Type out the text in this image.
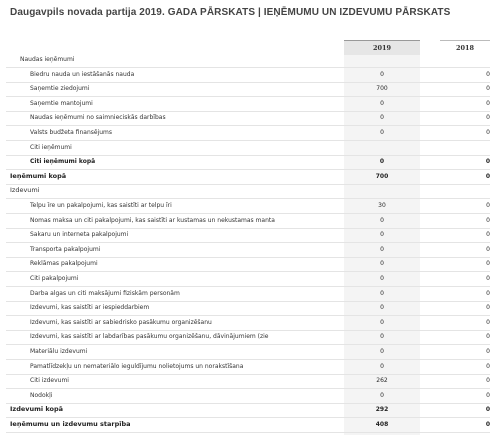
Daugavpils novada partija 2019. GADA PĀRSKATS | IEŅĒMUMU UN IZDEVUMU PĀRSKATS
2019	2018
Naudas ieņēmumi
Biedru nauda un iestāšanās nauda	0	0
Saņemtie ziedojumi	700	0
Saņemtie mantojumi	0	0
Naudas ieņēmumi no saimnieciskās darbības	0	0
Valsts budžeta finansējums	0	0
Citi ieņēmumi
Citi ieņēmumi kopā	0	0
Ieņēmumi kopā	700	0
Izdevumi
Telpu īre un pakalpojumi, kas saistīti ar telpu īri	30	0
Nomas maksa un citi pakalpojumi, kas saistīti ar kustamas un nekustamas manta	0	0
Sakaru un interneta pakalpojumi	0	0
Transporta pakalpojumi	0	0
Reklāmas pakalpojumi	0	0
Citi pakalpojumi	0	0
Darba algas un citi maksājumi fiziskām personām	0	0
Izdevumi, kas saistīti ar iespieddarbiem	0	0
Izdevumi, kas saistīti ar sabiedrisko pasākumu organizēšanu	0	0
Izdevumi, kas saistīti ar labdarības pasākumu organizēšanu, dāvinājumiem (zie	0	0
Materiālu izdevumi	0	0
Pamatlīdzekļu un nemateriālo ieguldījumu nolietojums un norakstīšana	0	0
Citi izdevumi	262	0
Nodokļi	0	0
Izdevumi kopā	292	0
Ieņēmumu un izdevumu starpība	408	0
